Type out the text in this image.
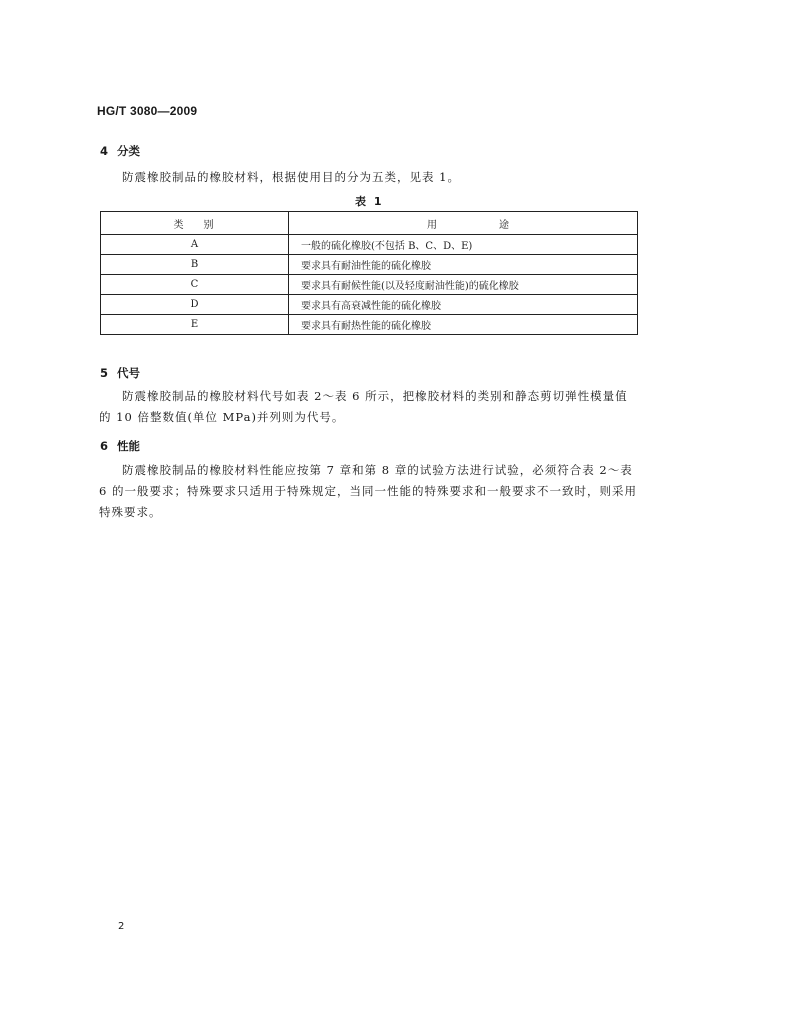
HG/T 3080—2009
4 分类
防震橡胶制品的橡胶材料，根据使用目的分为五类，见表 1。
表 1
类 别	用 途
A	一般的硫化橡胶(不包括 B、C、D、E)
B	要求具有耐油性能的硫化橡胶
C	要求具有耐候性能(以及轻度耐油性能)的硫化橡胶
D	要求具有高衰减性能的硫化橡胶
E	要求具有耐热性能的硫化橡胶
5 代号
防震橡胶制品的橡胶材料代号如表 2～表 6 所示，把橡胶材料的类别和静态剪切弹性模量值的 10 倍整数值(单位 MPa)并列则为代号。
6 性能
防震橡胶制品的橡胶材料性能应按第 7 章和第 8 章的试验方法进行试验，必须符合表 2～表 6 的一般要求；特殊要求只适用于特殊规定，当同一性能的特殊要求和一般要求不一致时，则采用特殊要求。
2
